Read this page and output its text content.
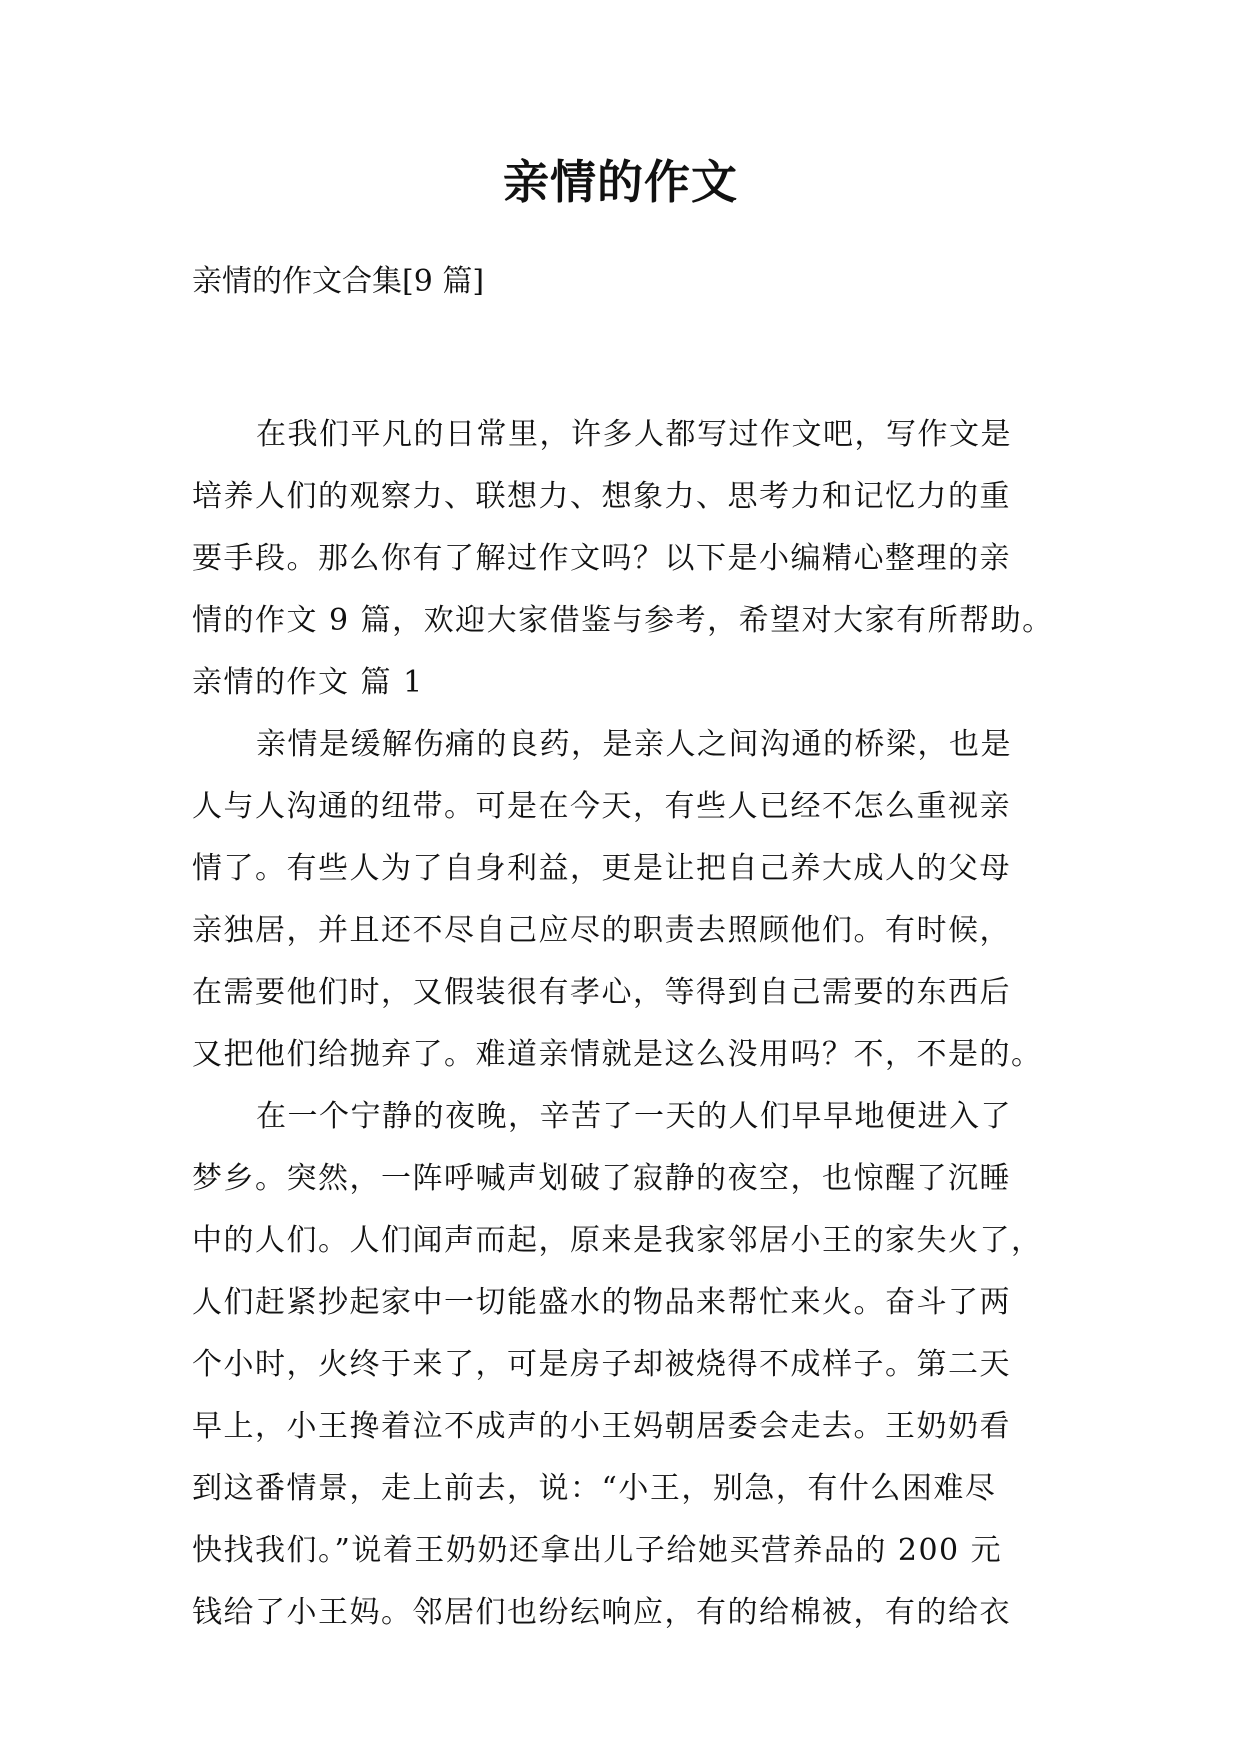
亲情的作文

亲情的作文合集[9 篇]

在我们平凡的日常里，许多人都写过作文吧，写作文是
培养人们的观察力、联想力、想象力、思考力和记忆力的重
要手段。那么你有了解过作文吗？以下是小编精心整理的亲
情的作文 9 篇，欢迎大家借鉴与参考，希望对大家有所帮助。
亲情的作文 篇 1
亲情是缓解伤痛的良药，是亲人之间沟通的桥梁，也是
人与人沟通的纽带。可是在今天，有些人已经不怎么重视亲
情了。有些人为了自身利益，更是让把自己养大成人的父母
亲独居，并且还不尽自己应尽的职责去照顾他们。有时候，
在需要他们时，又假装很有孝心，等得到自己需要的东西后
又把他们给抛弃了。难道亲情就是这么没用吗？不，不是的。
在一个宁静的夜晚，辛苦了一天的人们早早地便进入了
梦乡。突然，一阵呼喊声划破了寂静的夜空，也惊醒了沉睡
中的人们。人们闻声而起，原来是我家邻居小王的家失火了，
人们赶紧抄起家中一切能盛水的物品来帮忙来火。奋斗了两
个小时，火终于来了，可是房子却被烧得不成样子。第二天
早上，小王搀着泣不成声的小王妈朝居委会走去。王奶奶看
到这番情景，走上前去，说：“小王，别急，有什么困难尽
快找我们。”说着王奶奶还拿出儿子给她买营养品的 200 元
钱给了小王妈。邻居们也纷纭响应，有的给棉被，有的给衣
